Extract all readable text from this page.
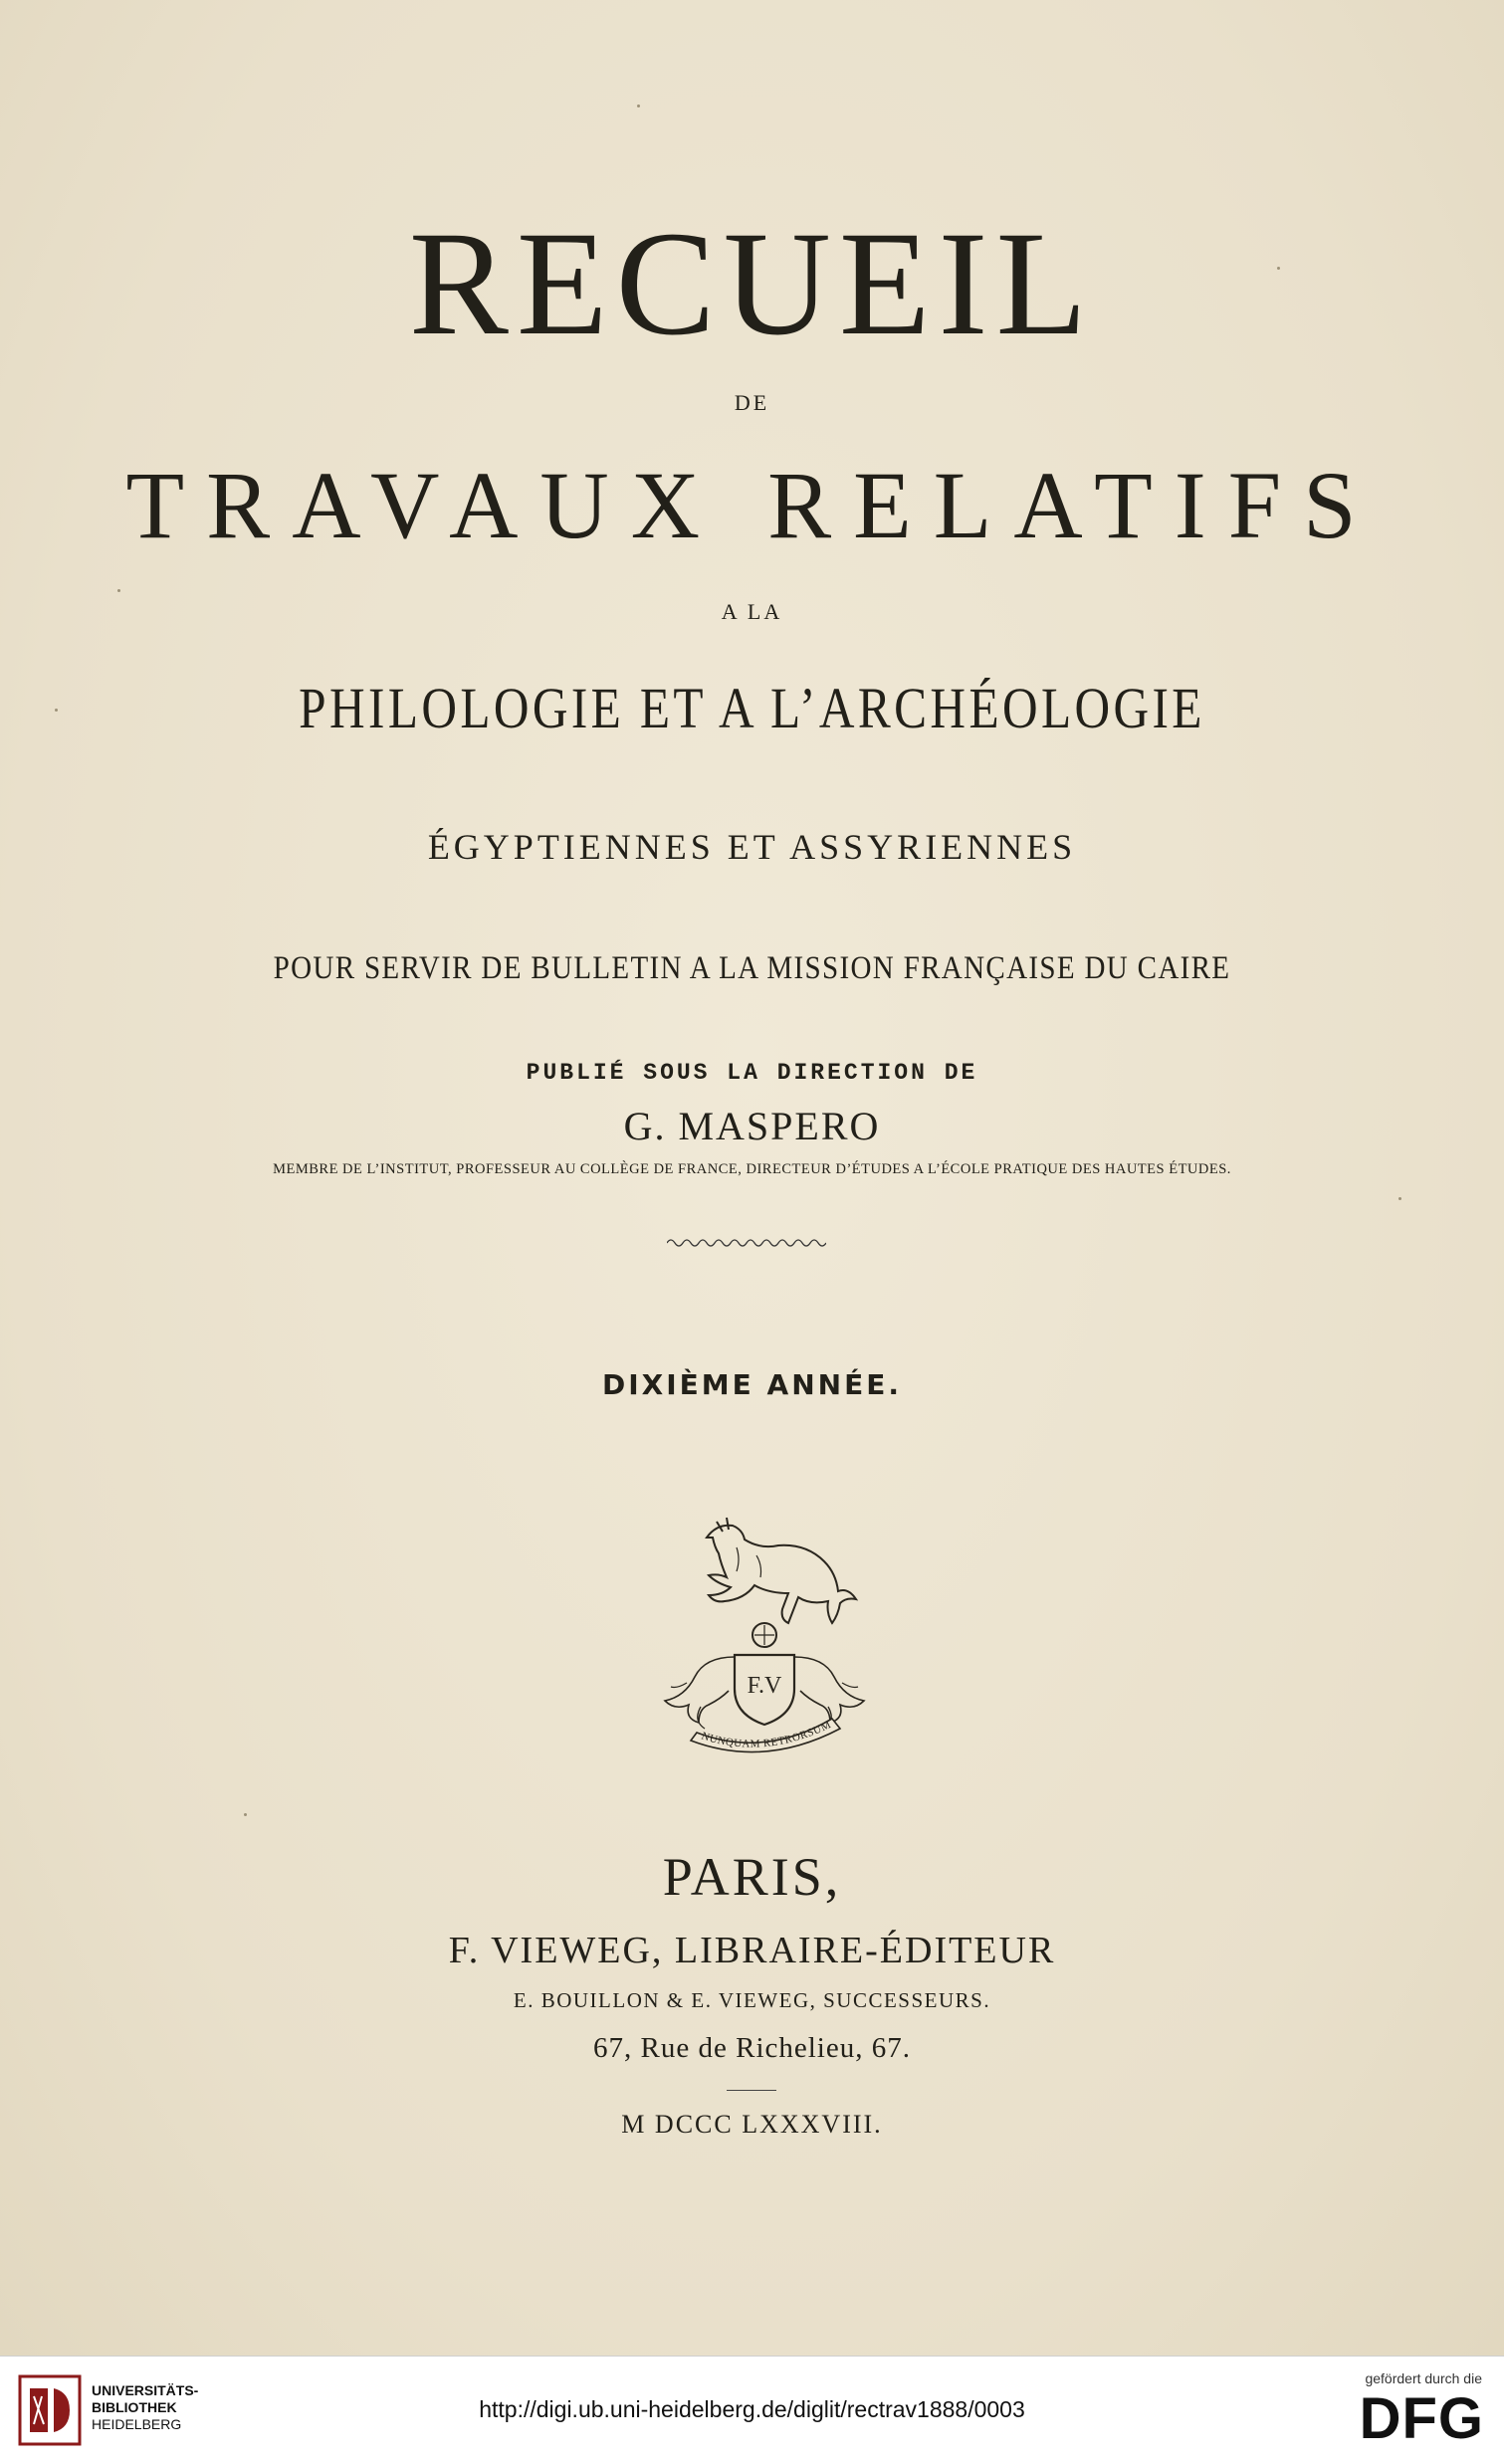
RECUEIL
DE
TRAVAUX RELATIFS
A LA
PHILOLOGIE ET A L’ARCHÉOLOGIE
ÉGYPTIENNES ET ASSYRIENNES
POUR SERVIR DE BULLETIN A LA MISSION FRANÇAISE DU CAIRE
PUBLIÉ SOUS LA DIRECTION DE
G. MASPERO
MEMBRE DE L’INSTITUT, PROFESSEUR AU COLLÈGE DE FRANCE, DIRECTEUR D’ÉTUDES A L’ÉCOLE PRATIQUE DES HAUTES ÉTUDES.
DIXIÈME ANNÉE.
F.V
NUNQUAM RETRORSUM
PARIS,
F. VIEWEG, LIBRAIRE-ÉDITEUR
E. BOUILLON & E. VIEWEG, SUCCESSEURS.
67, Rue de Richelieu, 67.
M DCCC LXXXVIII.
UNIVERSITÄTS-
BIBLIOTHEK
HEIDELBERG
http://digi.ub.uni-heidelberg.de/diglit/rectrav1888/0003
gefördert durch die
DFG
